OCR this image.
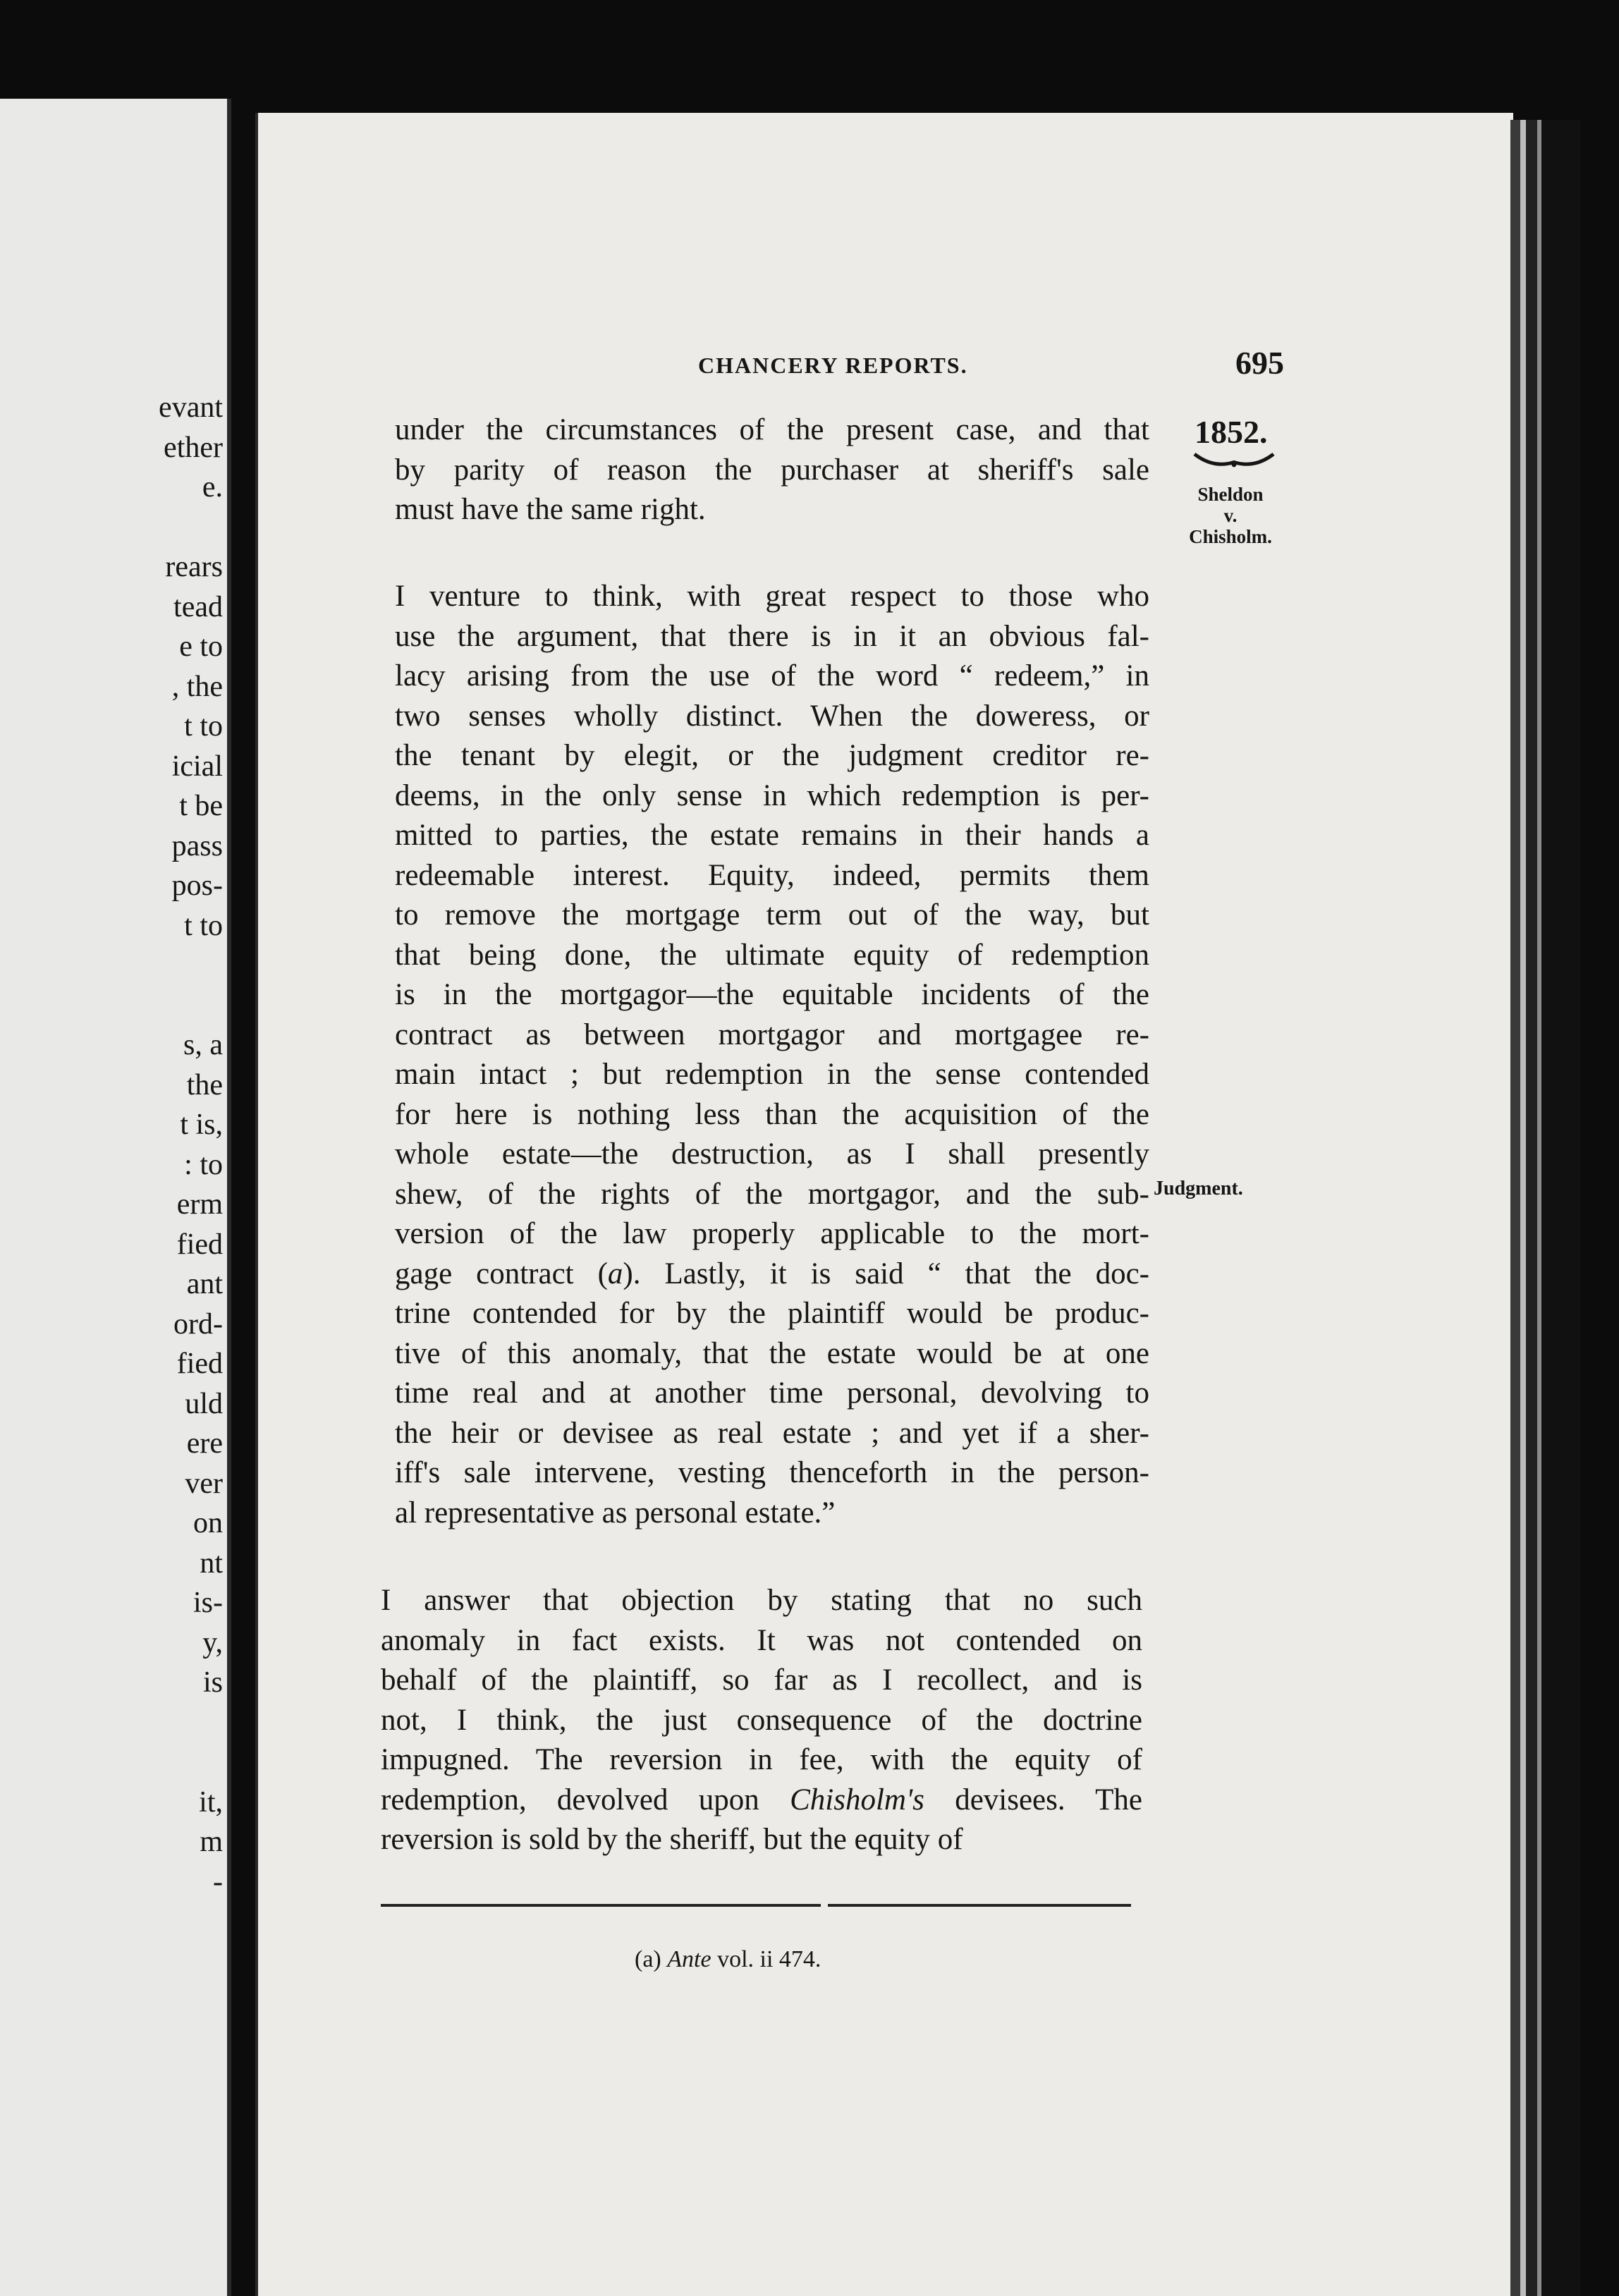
evant
ether
e.
rears
tead
e to
, the
t to
icial
t be
pass
pos-
t to
s, a
the
t is,
: to
erm
fied
ant
ord-
fied
uld
ere
ver
on
nt
is-
y,
is
it,
m
-
CHANCERY REPORTS.	695
1852.
Sheldon
v.
Chisholm.
Judgment.
under the circumstances of the present case, and that
by parity of reason the purchaser at sheriff's sale
must have the same right.
I venture to think, with great respect to those who
use the argument, that there is in it an obvious fal-
lacy arising from the use of the word “ redeem,” in
two senses wholly distinct. When the doweress, or
the tenant by elegit, or the judgment creditor re-
deems, in the only sense in which redemption is per-
mitted to parties, the estate remains in their hands a
redeemable interest. Equity, indeed, permits them
to remove the mortgage term out of the way, but
that being done, the ultimate equity of redemption
is in the mortgagor—the equitable incidents of the
contract as between mortgagor and mortgagee re-
main intact ; but redemption in the sense contended
for here is nothing less than the acquisition of the
whole estate—the destruction, as I shall presently
shew, of the rights of the mortgagor, and the sub-
version of the law properly applicable to the mort-
gage contract (a). Lastly, it is said “ that the doc-
trine contended for by the plaintiff would be produc-
tive of this anomaly, that the estate would be at one
time real and at another time personal, devolving to
the heir or devisee as real estate ; and yet if a sher-
iff's sale intervene, vesting thenceforth in the person-
al representative as personal estate.”
I answer that objection by stating that no such
anomaly in fact exists. It was not contended on
behalf of the plaintiff, so far as I recollect, and is
not, I think, the just consequence of the doctrine
impugned. The reversion in fee, with the equity of
redemption, devolved upon Chisholm's devisees. The
reversion is sold by the sheriff, but the equity of
(a) Ante vol. ii 474.
